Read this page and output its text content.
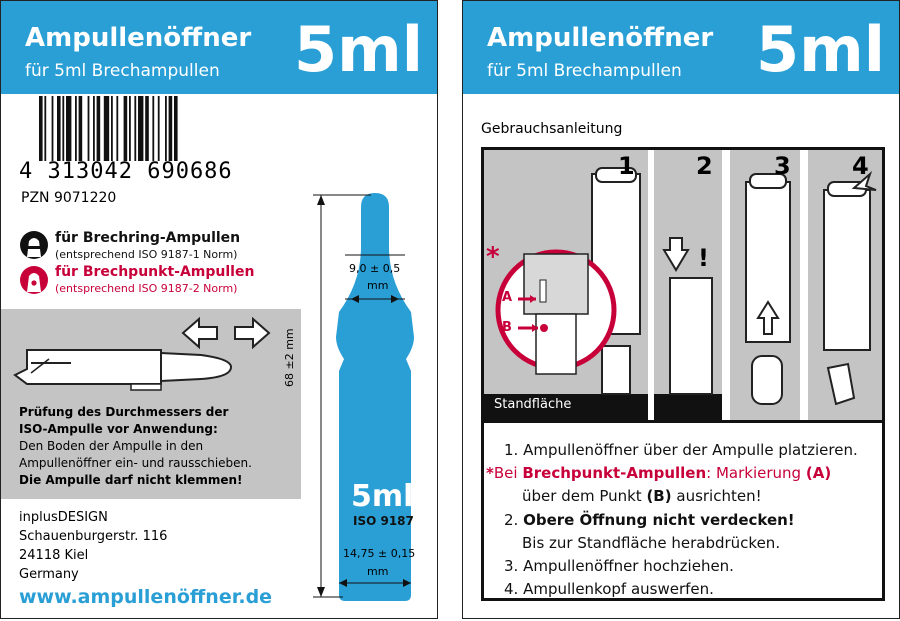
Ampullenöffner
für 5ml Brechampullen 5ml
4 313042 690686
PZN 9071220
für Brechring-Ampullen
(entsprechend ISO 9187-1 Norm)
für Brechpunkt-Ampullen
(entsprechend ISO 9187-2 Norm)
Prüfung des Durchmessers der
ISO-Ampulle vor Anwendung:
Den Boden der Ampulle in den
Ampullenöffner ein- und rausschieben.
Die Ampulle darf nicht klemmen!
inplusDESIGN
Schauenburgerstr. 116
24118 Kiel
Germany
www.ampullenöffner.de
9,0 ± 0,5
mm
68 ±2 mm
5ml
ISO 9187
14,75 ± 0,15
mm
Ampullenöffner
für 5ml Brechampullen 5ml
Gebrauchsanleitung
1	2	3	4
*
A
B
!
Standfläche
1. Ampullenöffner über der Ampulle platzieren.
*Bei Brechpunkt-Ampullen: Markierung (A)
über dem Punkt (B) ausrichten!
2. Obere Öffnung nicht verdecken!
Bis zur Standfläche herabdrücken.
3. Ampullenöffner hochziehen.
4. Ampullenkopf auswerfen.
